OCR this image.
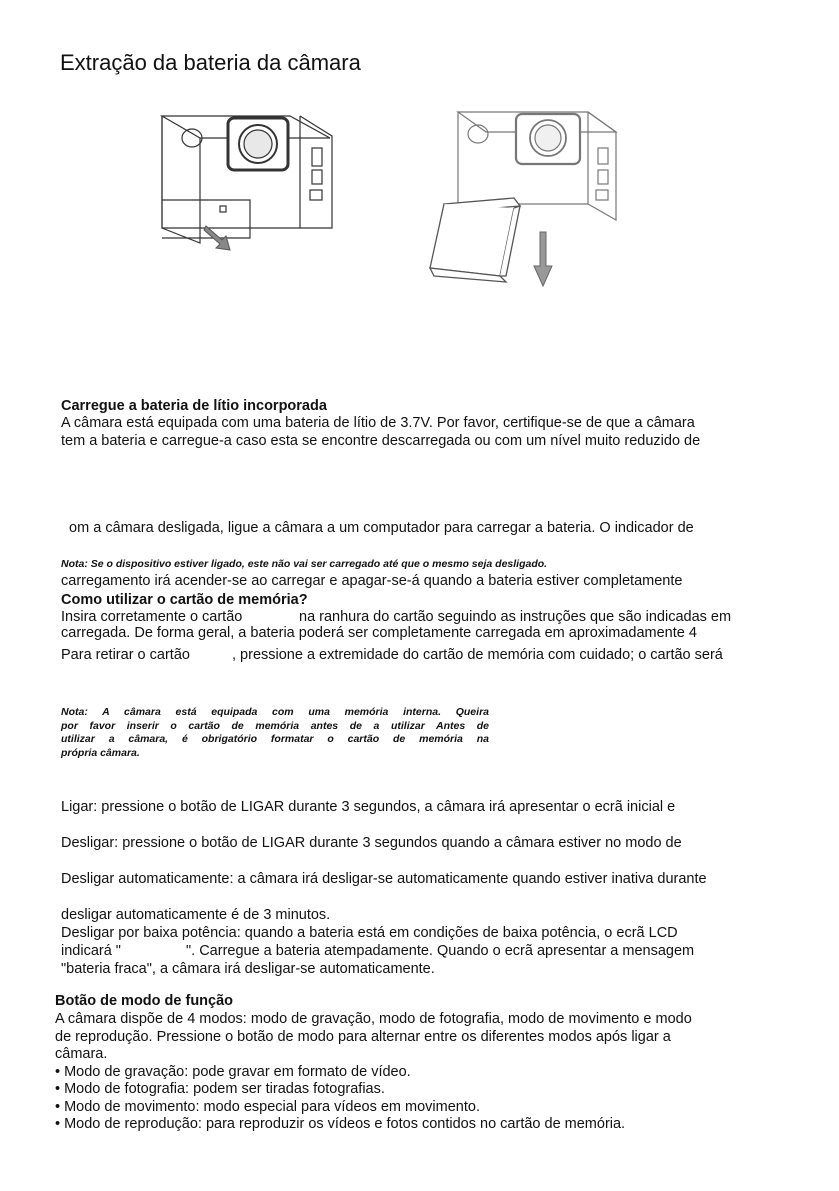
Extração da bateria da câmara
Carregue a bateria de lítio incorporada
A câmara está equipada com uma bateria de lítio de 3.7V. Por favor, certifique-se de que a câmara
tem a bateria e carregue-a caso esta se encontre descarregada ou com um nível muito reduzido de

om a câmara desligada, ligue a câmara a um computador para carregar a bateria. O indicador de

carregamento irá acender-se ao carregar e apagar-se-á quando a bateria estiver completamente

carregada. De forma geral, a bateria poderá ser completamente carregada em aproximadamente 4

Nota: Se o dispositivo estiver ligado, este não vai ser carregado até que o mesmo seja desligado.
Como utilizar o cartão de memória?
Insira corretamente o cartão	na ranhura do cartão seguindo as instruções que são indicadas em
Para retirar o cartão	, pressione a extremidade do cartão de memória com cuidado; o cartão será
Nota: A câmara está equipada com uma memória interna. Queira
por favor inserir o cartão de memória antes de a utilizar Antes de
utilizar a câmara, é obrigatório formatar o cartão de memória na
própria câmara.
Ligar: pressione o botão de LIGAR durante 3 segundos, a câmara irá apresentar o ecrã inicial e
Desligar: pressione o botão de LIGAR durante 3 segundos quando a câmara estiver no modo de
Desligar automaticamente: a câmara irá desligar-se automaticamente quando estiver inativa durante
desligar automaticamente é de 3 minutos.
Desligar por baixa potência: quando a bateria está em condições de baixa potência, o ecrã LCD
indicará "	". Carregue a bateria atempadamente. Quando o ecrã apresentar a mensagem
"bateria fraca", a câmara irá desligar-se automaticamente.
Botão de modo de função
A câmara dispõe de 4 modos: modo de gravação, modo de fotografia, modo de movimento e modo
de reprodução. Pressione o botão de modo para alternar entre os diferentes modos após ligar a
câmara.
• Modo de gravação: pode gravar em formato de vídeo.
• Modo de fotografia: podem ser tiradas fotografias.
• Modo de movimento: modo especial para vídeos em movimento.
• Modo de reprodução: para reproduzir os vídeos e fotos contidos no cartão de memória.
